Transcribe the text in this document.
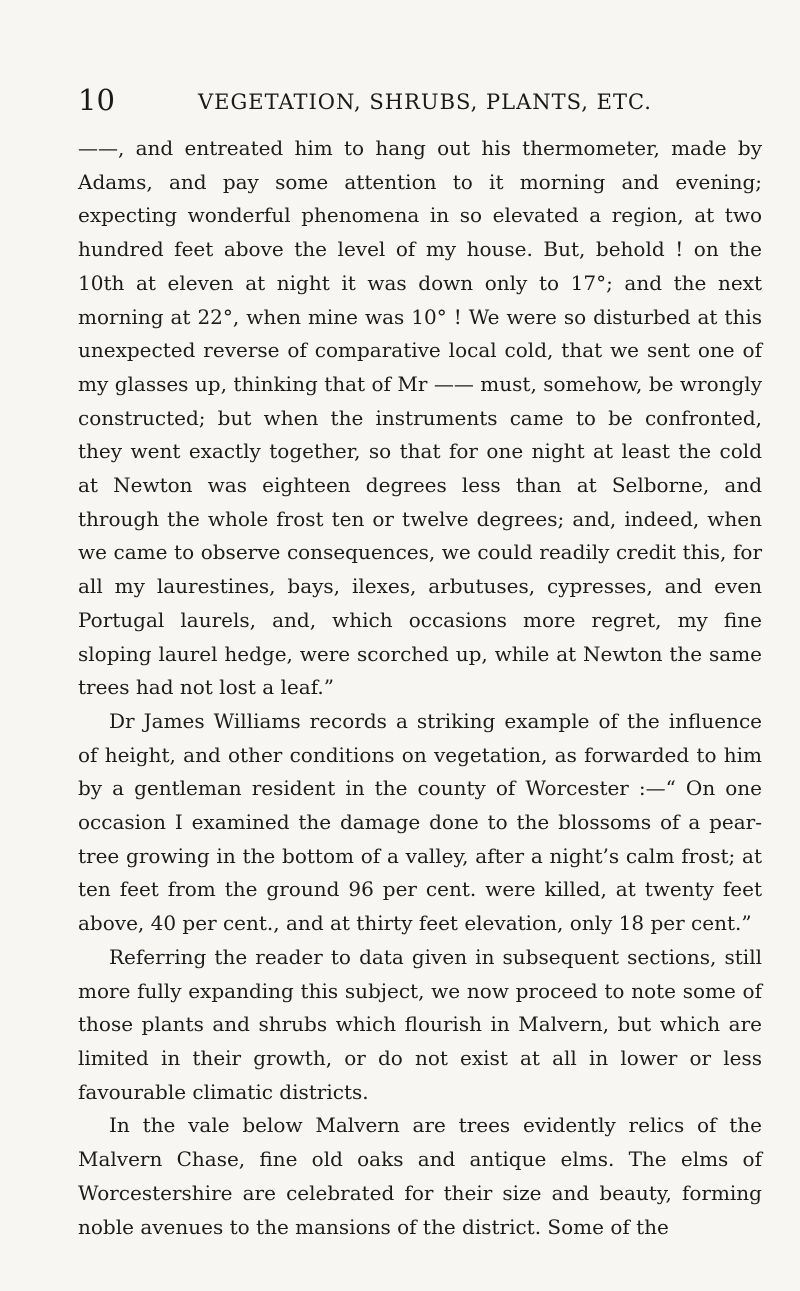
10	VEGETATION, SHRUBS, PLANTS, ETC.

——, and entreated him to hang out his thermometer, made by Adams, and pay some attention to it morning and evening; expecting wonderful phenomena in so elevated a region, at two hundred feet above the level of my house. But, behold ! on the 10th at eleven at night it was down only to 17°; and the next morning at 22°, when mine was 10° ! We were so disturbed at this unexpected reverse of comparative local cold, that we sent one of my glasses up, thinking that of Mr —— must, somehow, be wrongly constructed; but when the instruments came to be confronted, they went exactly together, so that for one night at least the cold at Newton was eighteen degrees less than at Selborne, and through the whole frost ten or twelve degrees; and, indeed, when we came to observe consequences, we could readily credit this, for all my laurestines, bays, ilexes, arbutuses, cypresses, and even Portugal laurels, and, which occasions more regret, my fine sloping laurel hedge, were scorched up, while at Newton the same trees had not lost a leaf.”

Dr James Williams records a striking example of the influence of height, and other conditions on vegetation, as forwarded to him by a gentleman resident in the county of Worcester :—“ On one occasion I examined the damage done to the blossoms of a pear-tree growing in the bottom of a valley, after a night’s calm frost; at ten feet from the ground 96 per cent. were killed, at twenty feet above, 40 per cent., and at thirty feet elevation, only 18 per cent.”

Referring the reader to data given in subsequent sections, still more fully expanding this subject, we now proceed to note some of those plants and shrubs which flourish in Malvern, but which are limited in their growth, or do not exist at all in lower or less favourable climatic districts.

In the vale below Malvern are trees evidently relics of the Malvern Chase, fine old oaks and antique elms. The elms of Worcestershire are celebrated for their size and beauty, forming noble avenues to the mansions of the district. Some of the
